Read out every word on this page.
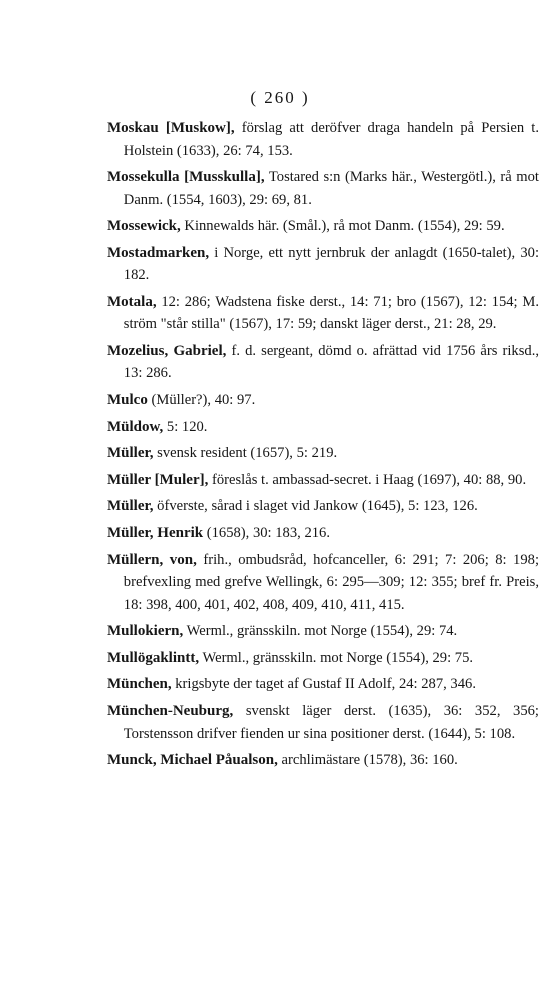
( 260 )

Moskau [Muskow], förslag att deröfver draga handeln på Persien t. Holstein (1633), 26: 74, 153.

Mossekulla [Musskulla], Tostared s:n (Marks här., Westergötl.), rå mot Danm. (1554, 1603), 29: 69, 81.

Mossewick, Kinnewalds här. (Smål.), rå mot Danm. (1554), 29: 59.

Mostadmarken, i Norge, ett nytt jernbruk der anlagdt (1650-talet), 30: 182.

Motala, 12: 286; Wadstena fiske derst., 14: 71; bro (1567), 12: 154; M. ström "står stilla" (1567), 17: 59; danskt läger derst., 21: 28, 29.

Mozelius, Gabriel, f. d. sergeant, dömd o. afrättad vid 1756 års riksd., 13: 286.

Mulco (Müller?), 40: 97.

Müldow, 5: 120.

Müller, svensk resident (1657), 5: 219.

Müller [Muler], föreslås t. ambassad-secret. i Haag (1697), 40: 88, 90.

Müller, öfverste, sårad i slaget vid Jankow (1645), 5: 123, 126.

Müller, Henrik (1658), 30: 183, 216.

Müllern, von, frih., ombudsråd, hofcanceller, 6: 291; 7: 206; 8: 198; brefvexling med grefve Wellingk, 6: 295—309; 12: 355; bref fr. Preis, 18: 398, 400, 401, 402, 408, 409, 410, 411, 415.

Mullokiern, Werml., gränsskiln. mot Norge (1554), 29: 74.

Mullögaklintt, Werml., gränsskiln. mot Norge (1554), 29: 75.

München, krigsbyte der taget af Gustaf II Adolf, 24: 287, 346.

München-Neuburg, svenskt läger derst. (1635), 36: 352, 356; Torstensson drifver fienden ur sina positioner derst. (1644), 5: 108.

Munck, Michael Påualson, archlimästare (1578), 36: 160.
